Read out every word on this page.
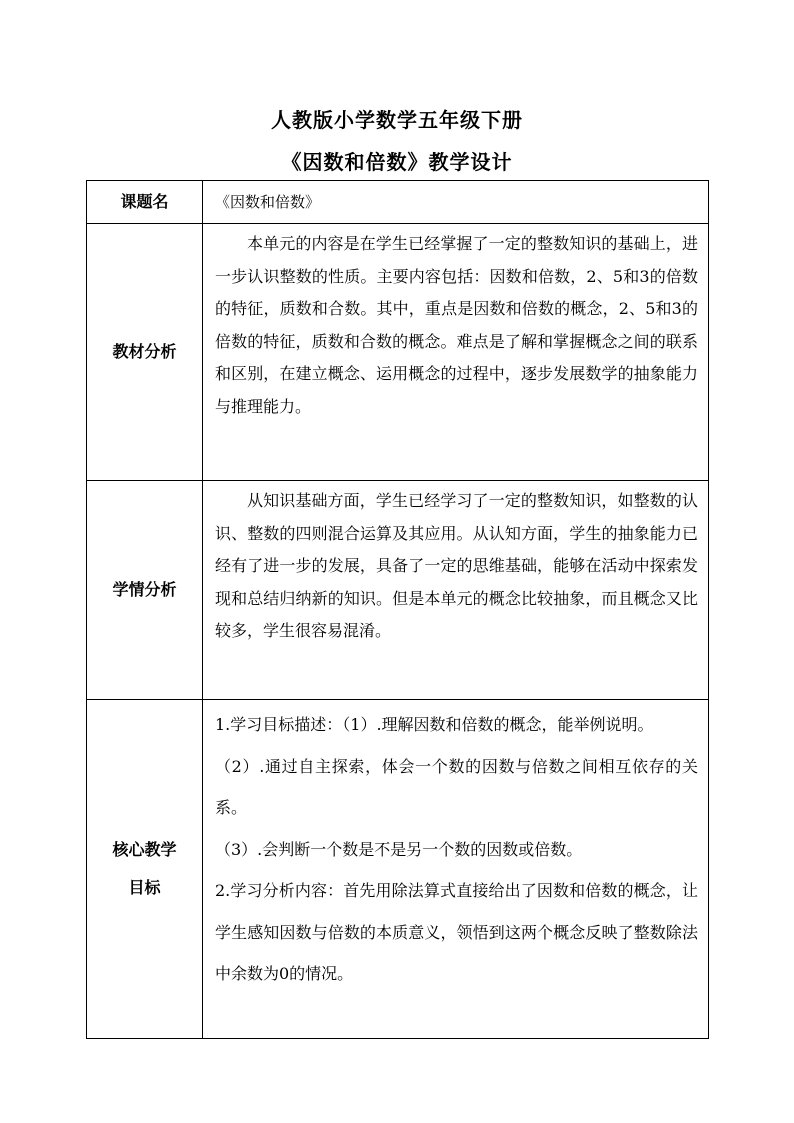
人教版小学数学五年级下册
《因数和倍数》教学设计
课题名	《因数和倍数》

教材分析	本单元的内容是在学生已经掌握了一定的整数知识的基础上，进一步认识整数的性质。主要内容包括：因数和倍数，2、5和3的倍数的特征，质数和合数。其中，重点是因数和倍数的概念，2、5和3的倍数的特征，质数和合数的概念。难点是了解和掌握概念之间的联系和区别，在建立概念、运用概念的过程中，逐步发展数学的抽象能力与推理能力。

学情分析	从知识基础方面，学生已经学习了一定的整数知识，如整数的认识、整数的四则混合运算及其应用。从认知方面，学生的抽象能力已经有了进一步的发展，具备了一定的思维基础，能够在活动中探索发现和总结归纳新的知识。但是本单元的概念比较抽象，而且概念又比较多，学生很容易混淆。

核心教学
目标	1.学习目标描述：（1）.理解因数和倍数的概念，能举例说明。
（2）.通过自主探索，体会一个数的因数与倍数之间相互依存的关系。
（3）.会判断一个数是不是另一个数的因数或倍数。
2.学习分析内容：首先用除法算式直接给出了因数和倍数的概念，让学生感知因数与倍数的本质意义，领悟到这两个概念反映了整数除法中余数为0的情况。
